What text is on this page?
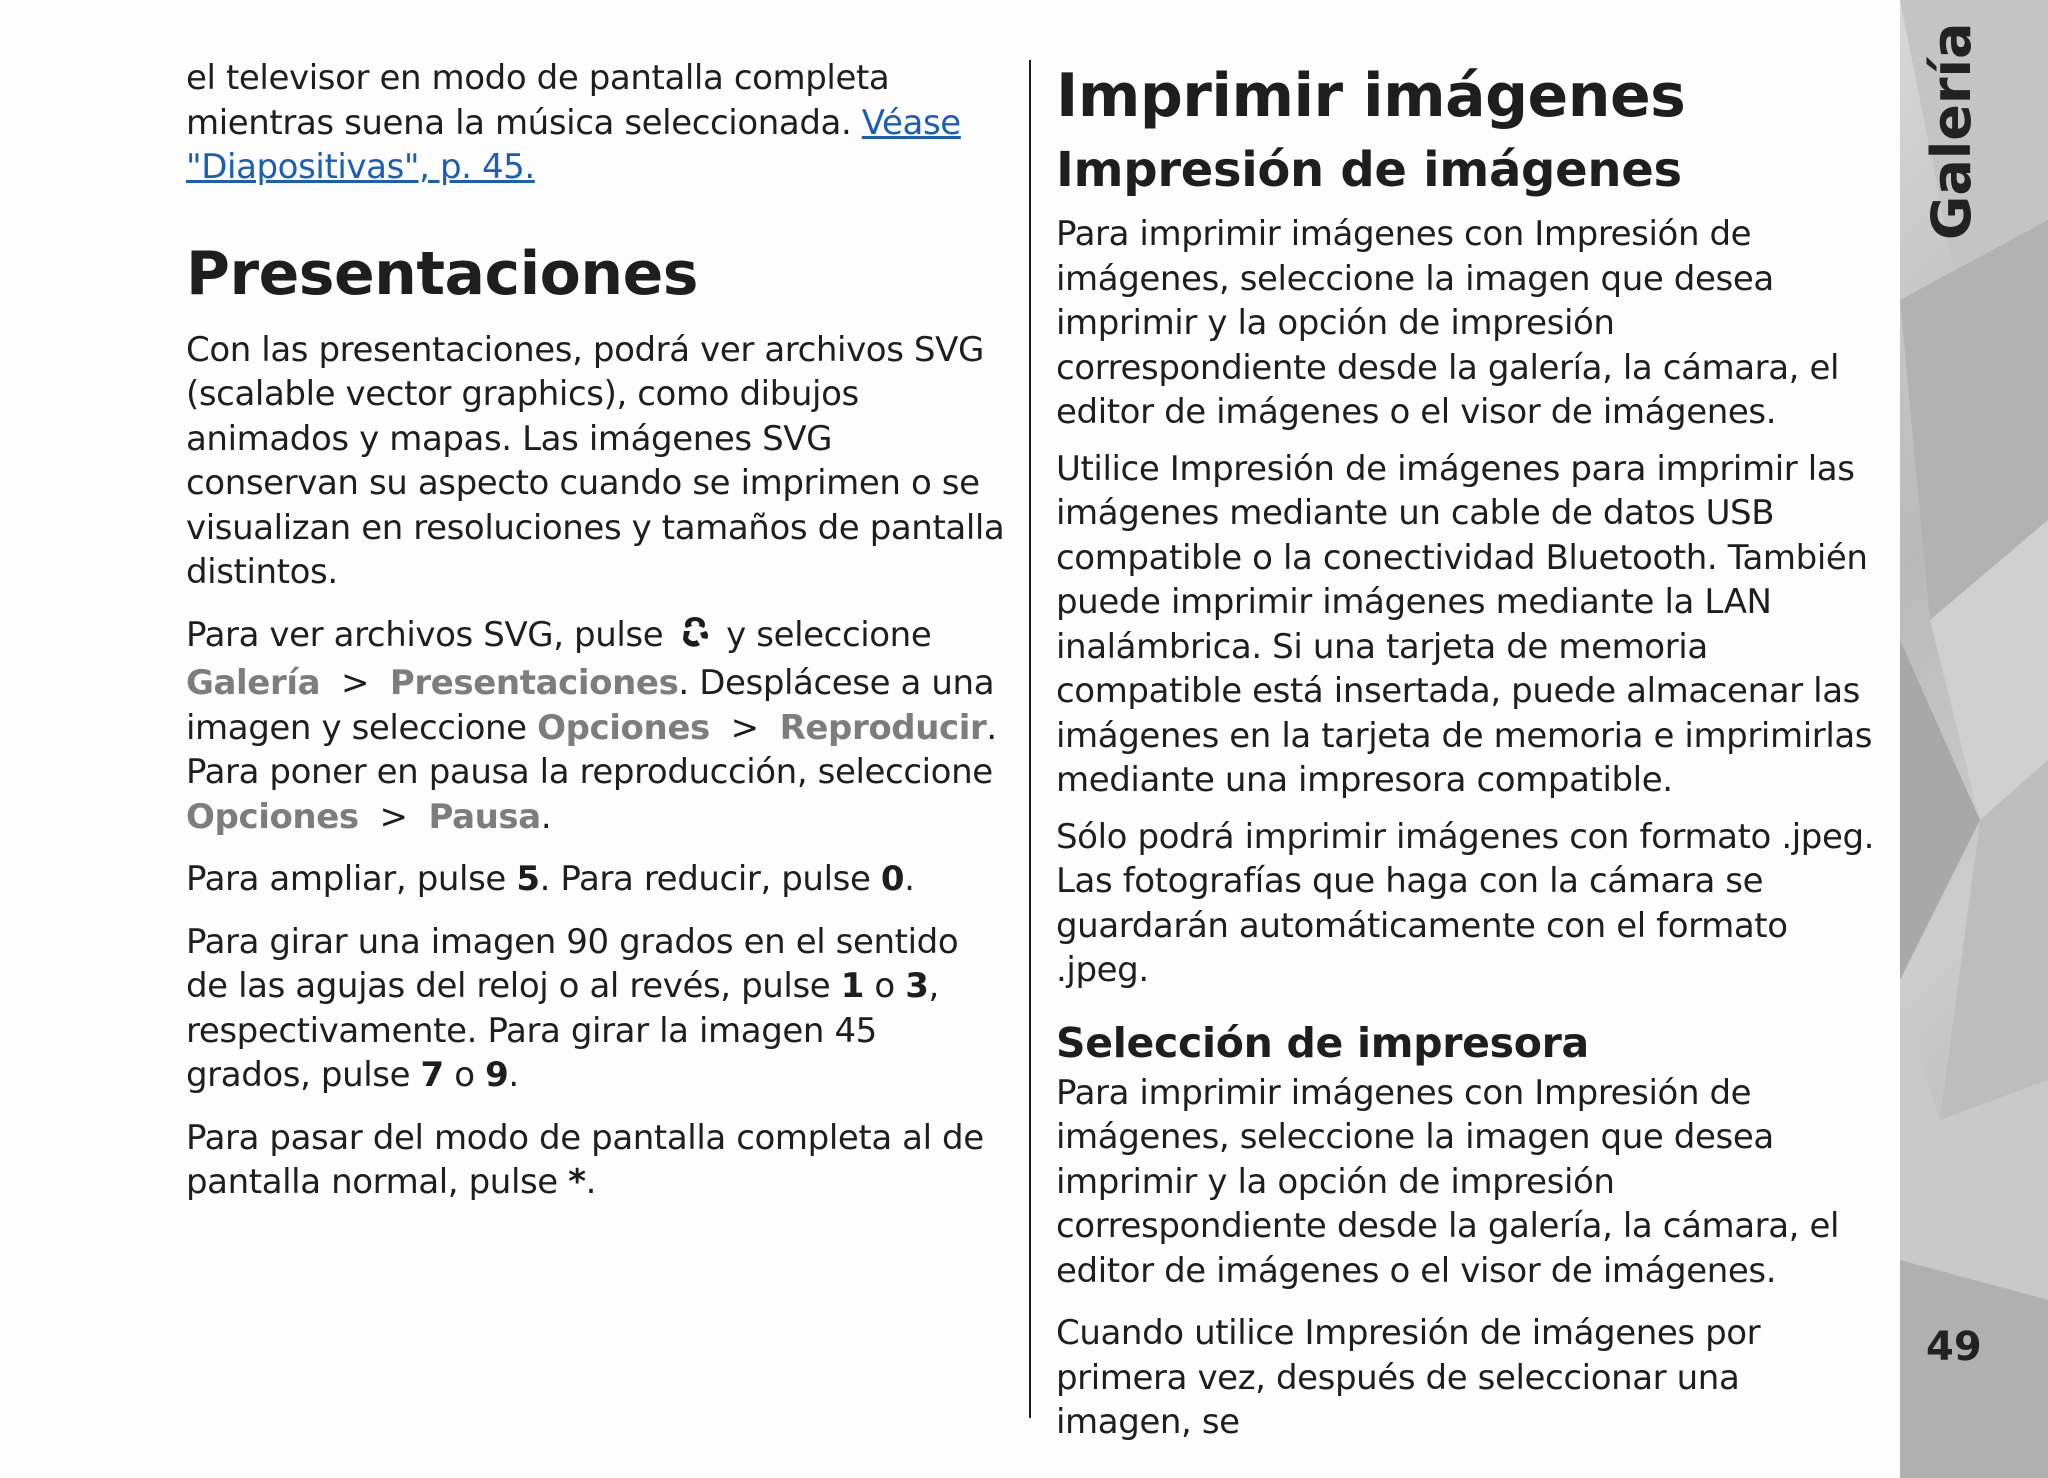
el televisor en modo de pantalla completa mientras suena la música seleccionada. Véase "Diapositivas", p. 45.

Presentaciones

Con las presentaciones, podrá ver archivos SVG (scalable vector graphics), como dibujos animados y mapas. Las imágenes SVG conservan su aspecto cuando se imprimen o se visualizan en resoluciones y tamaños de pantalla distintos.

Para ver archivos SVG, pulse y seleccione Galería > Presentaciones. Desplácese a una imagen y seleccione Opciones > Reproducir. Para poner en pausa la reproducción, seleccione Opciones > Pausa.

Para ampliar, pulse 5. Para reducir, pulse 0.

Para girar una imagen 90 grados en el sentido de las agujas del reloj o al revés, pulse 1 o 3, respectivamente. Para girar la imagen 45 grados, pulse 7 o 9.

Para pasar del modo de pantalla completa al de pantalla normal, pulse *.

Imprimir imágenes
Impresión de imágenes

Para imprimir imágenes con Impresión de imágenes, seleccione la imagen que desea imprimir y la opción de impresión correspondiente desde la galería, la cámara, el editor de imágenes o el visor de imágenes.

Utilice Impresión de imágenes para imprimir las imágenes mediante un cable de datos USB compatible o la conectividad Bluetooth. También puede imprimir imágenes mediante la LAN inalámbrica. Si una tarjeta de memoria compatible está insertada, puede almacenar las imágenes en la tarjeta de memoria e imprimirlas mediante una impresora compatible.

Sólo podrá imprimir imágenes con formato .jpeg. Las fotografías que haga con la cámara se guardarán automáticamente con el formato .jpeg.

Selección de impresora

Para imprimir imágenes con Impresión de imágenes, seleccione la imagen que desea imprimir y la opción de impresión correspondiente desde la galería, la cámara, el editor de imágenes o el visor de imágenes.

Cuando utilice Impresión de imágenes por primera vez, después de seleccionar una imagen, se

Galería
49
